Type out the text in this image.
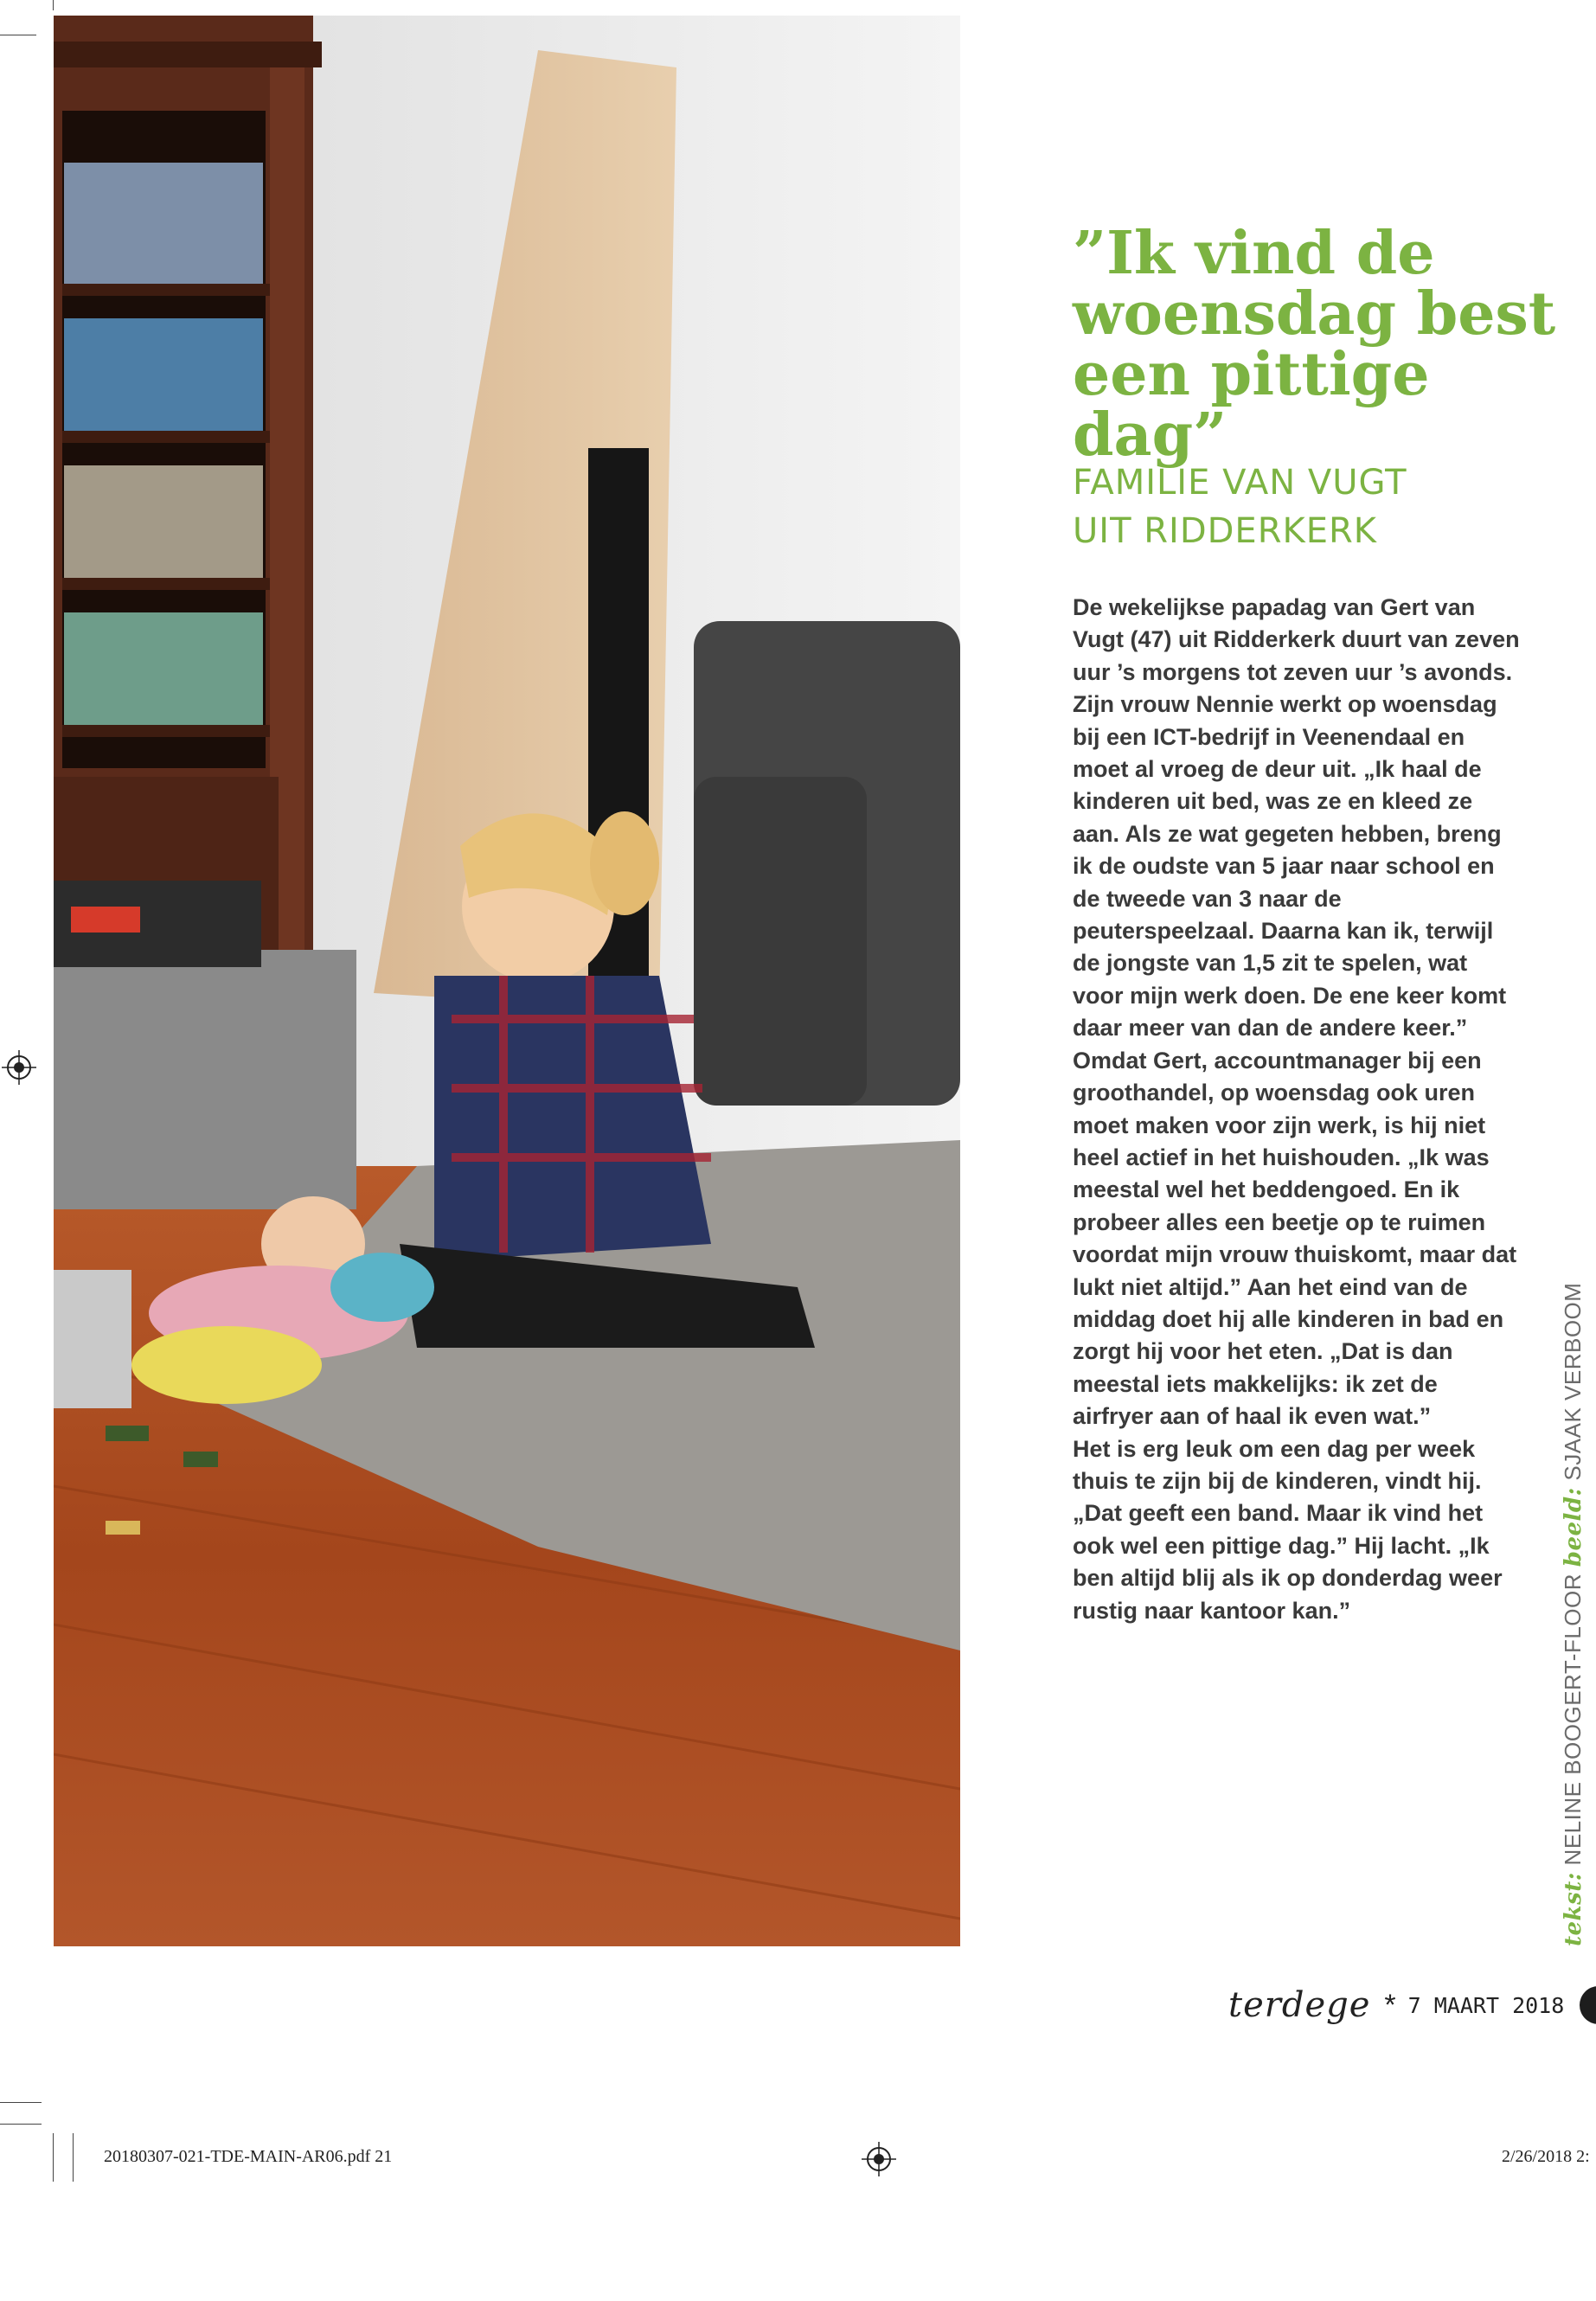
”Ik vind de woensdag best een pittige dag”
FAMILIE VAN VUGT
UIT RIDDERKERK

De wekelijkse papadag van Gert van Vugt (47) uit Ridderkerk duurt van zeven uur ’s morgens tot zeven uur ’s avonds. Zijn vrouw Nennie werkt op woensdag bij een ICT-bedrijf in Veenendaal en moet al vroeg de deur uit. „Ik haal de kinderen uit bed, was ze en kleed ze aan. Als ze wat gegeten hebben, breng ik de oudste van 5 jaar naar school en de tweede van 3 naar de peuterspeelzaal. Daarna kan ik, terwijl de jongste van 1,5 zit te spelen, wat voor mijn werk doen. De ene keer komt daar meer van dan de andere keer.”

Omdat Gert, accountmanager bij een groothandel, op woensdag ook uren moet maken voor zijn werk, is hij niet heel actief in het huishouden. „Ik was meestal wel het beddengoed. En ik probeer alles een beetje op te ruimen voordat mijn vrouw thuiskomt, maar dat lukt niet altijd.” Aan het eind van de middag doet hij alle kinderen in bad en zorgt hij voor het eten. „Dat is dan meestal iets makkelijks: ik zet de airfryer aan of haal ik even wat.”

Het is erg leuk om een dag per week thuis te zijn bij de kinderen, vindt hij. „Dat geeft een band. Maar ik vind het ook wel een pittige dag.” Hij lacht. „Ik ben altijd blij als ik op donderdag weer rustig naar kantoor kan.”

tekst: NELINE BOOGERT-FLOOR beeld: SJAAK VERBOOM
terdege * 7 MAART 2018
20180307-021-TDE-MAIN-AR06.pdf 21	2/26/2018 2:
